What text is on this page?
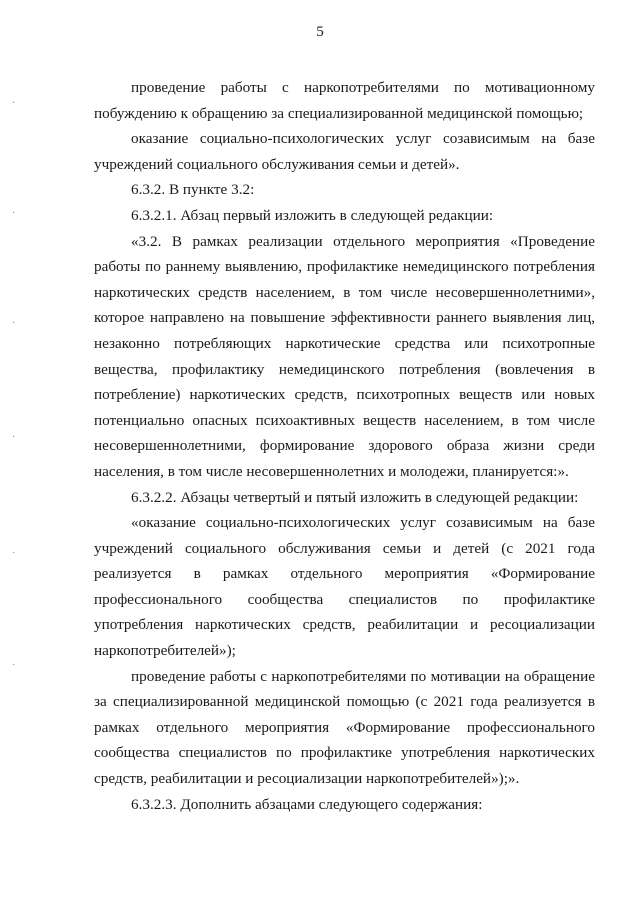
5
·
·
·
·
·
·

проведение работы с наркопотребителями по мотивационному побуждению к обращению за специализированной медицинской помощью;

оказание социально-психологических услуг созависимым на базе учреждений социального обслуживания семьи и детей».

6.3.2. В пункте 3.2:

6.3.2.1. Абзац первый изложить в следующей редакции:

«3.2. В рамках реализации отдельного мероприятия «Проведение работы по раннему выявлению, профилактике немедицинского потребления наркотических средств населением, в том числе несовершеннолетними», которое направлено на повышение эффективности раннего выявления лиц, незаконно потребляющих наркотические средства или психотропные вещества, профилактику немедицинского потребления (вовлечения в потребление) наркотических средств, психотропных веществ или новых потенциально опасных психоактивных веществ населением, в том числе несовершеннолетними, формирование здорового образа жизни среди населения, в том числе несовершеннолетних и молодежи, планируется:».

6.3.2.2. Абзацы четвертый и пятый изложить в следующей редакции:

«оказание социально-психологических услуг созависимым на базе учреждений социального обслуживания семьи и детей (с 2021 года реализуется в рамках отдельного мероприятия «Формирование профессионального сообщества специалистов по профилактике употребления наркотических средств, реабилитации и ресоциализации наркопотребителей»);

проведение работы с наркопотребителями по мотивации на обращение за специализированной медицинской помощью (с 2021 года реализуется в рамках отдельного мероприятия «Формирование профессионального сообщества специалистов по профилактике употребления наркотических средств, реабилитации и ресоциализации наркопотребителей»);».

6.3.2.3. Дополнить абзацами следующего содержания:
